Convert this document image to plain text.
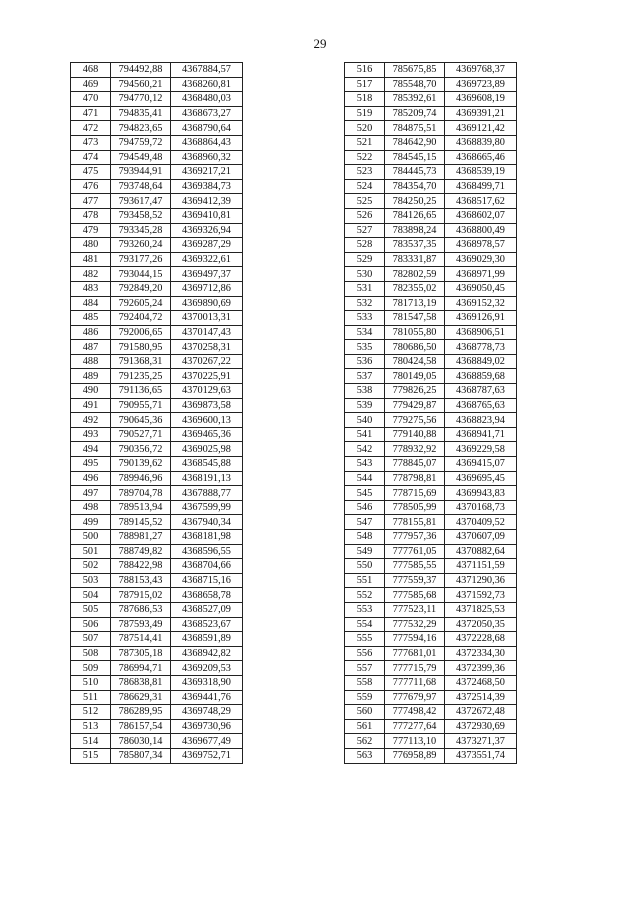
29
468	794492,88	4367884,57
469	794560,21	4368260,81
470	794770,12	4368480,03
471	794835,41	4368673,27
472	794823,65	4368790,64
473	794759,72	4368864,43
474	794549,48	4368960,32
475	793944,91	4369217,21
476	793748,64	4369384,73
477	793617,47	4369412,39
478	793458,52	4369410,81
479	793345,28	4369326,94
480	793260,24	4369287,29
481	793177,26	4369322,61
482	793044,15	4369497,37
483	792849,20	4369712,86
484	792605,24	4369890,69
485	792404,72	4370013,31
486	792006,65	4370147,43
487	791580,95	4370258,31
488	791368,31	4370267,22
489	791235,25	4370225,91
490	791136,65	4370129,63
491	790955,71	4369873,58
492	790645,36	4369600,13
493	790527,71	4369465,36
494	790356,72	4369025,98
495	790139,62	4368545,88
496	789946,96	4368191,13
497	789704,78	4367888,77
498	789513,94	4367599,99
499	789145,52	4367940,34
500	788981,27	4368181,98
501	788749,82	4368596,55
502	788422,98	4368704,66
503	788153,43	4368715,16
504	787915,02	4368658,78
505	787686,53	4368527,09
506	787593,49	4368523,67
507	787514,41	4368591,89
508	787305,18	4368942,82
509	786994,71	4369209,53
510	786838,81	4369318,90
511	786629,31	4369441,76
512	786289,95	4369748,29
513	786157,54	4369730,96
514	786030,14	4369677,49
515	785807,34	4369752,71
516	785675,85	4369768,37
517	785548,70	4369723,89
518	785392,61	4369608,19
519	785209,74	4369391,21
520	784875,51	4369121,42
521	784642,90	4368839,80
522	784545,15	4368665,46
523	784445,73	4368539,19
524	784354,70	4368499,71
525	784250,25	4368517,62
526	784126,65	4368602,07
527	783898,24	4368800,49
528	783537,35	4368978,57
529	783331,87	4369029,30
530	782802,59	4368971,99
531	782355,02	4369050,45
532	781713,19	4369152,32
533	781547,58	4369126,91
534	781055,80	4368906,51
535	780686,50	4368778,73
536	780424,58	4368849,02
537	780149,05	4368859,68
538	779826,25	4368787,63
539	779429,87	4368765,63
540	779275,56	4368823,94
541	779140,88	4368941,71
542	778932,92	4369229,58
543	778845,07	4369415,07
544	778798,81	4369695,45
545	778715,69	4369943,83
546	778505,99	4370168,73
547	778155,81	4370409,52
548	777957,36	4370607,09
549	777761,05	4370882,64
550	777585,55	4371151,59
551	777559,37	4371290,36
552	777585,68	4371592,73
553	777523,11	4371825,53
554	777532,29	4372050,35
555	777594,16	4372228,68
556	777681,01	4372334,30
557	777715,79	4372399,36
558	777711,68	4372468,50
559	777679,97	4372514,39
560	777498,42	4372672,48
561	777277,64	4372930,69
562	777113,10	4373271,37
563	776958,89	4373551,74
